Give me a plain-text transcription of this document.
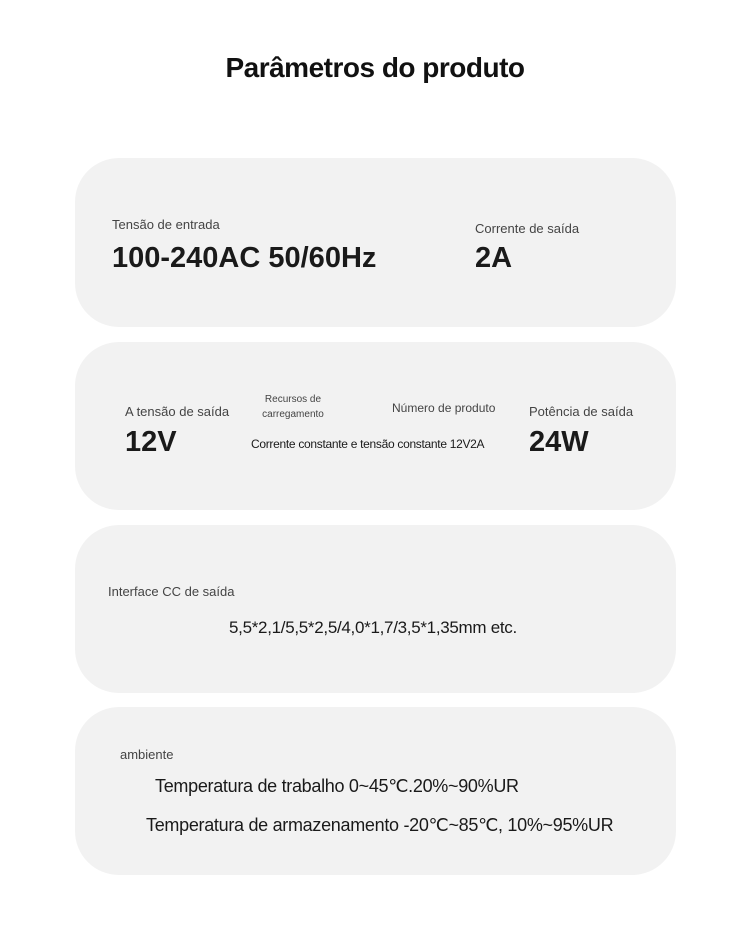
Parâmetros do produto
Tensão de entrada
100-240AC 50/60Hz
Corrente de saída
2A
A tensão de saída
12V
Recursos de
carregamento	Número de produto
Corrente constante e tensão constante 12V2A
Potência de saída
24W
Interface CC de saída
5,5*2,1/5,5*2,5/4,0*1,7/3,5*1,35mm etc.
ambiente
Temperatura de trabalho 0~45℃.20%~90%UR
Temperatura de armazenamento -20℃~85℃, 10%~95%UR
